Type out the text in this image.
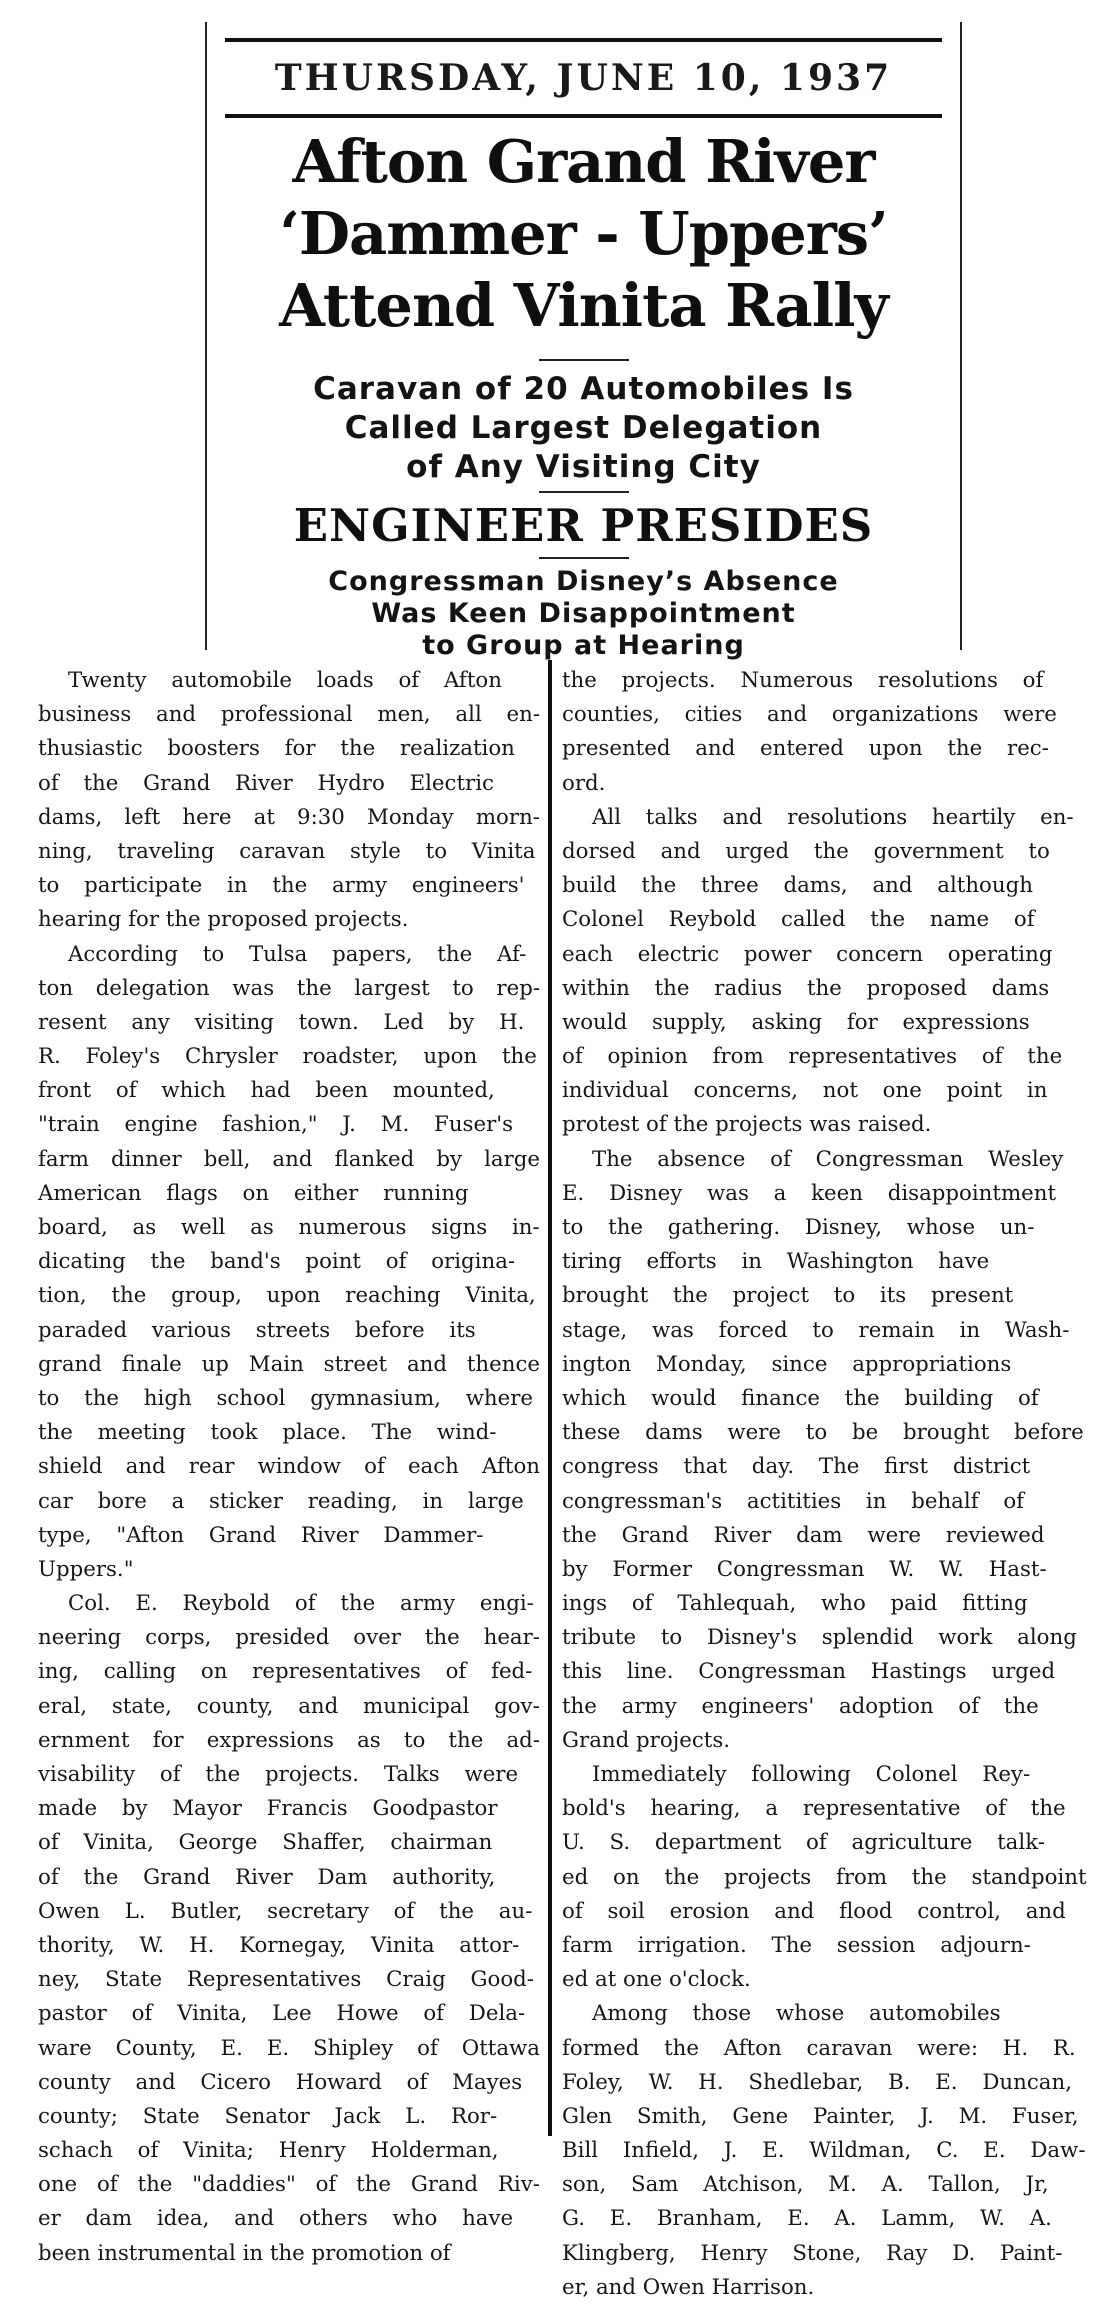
THURSDAY, JUNE 10, 1937
Afton Grand River
‘Dammer - Uppers’
Attend Vinita Rally
Caravan of 20 Automobiles Is
Called Largest Delegation
of Any Visiting City
ENGINEER PRESIDES
Congressman Disney’s Absence
Was Keen Disappointment
to Group at Hearing
Twenty automobile loads of Afton
business and professional men, all en-
thusiastic boosters for the realization
of the Grand River Hydro Electric
dams, left here at 9:30 Monday morn-
ning, traveling caravan style to Vinita
to participate in the army engineers'
hearing for the proposed projects.
According to Tulsa papers, the Af-
ton delegation was the largest to rep-
resent any visiting town. Led by H.
R. Foley's Chrysler roadster, upon the
front of which had been mounted,
"train engine fashion," J. M. Fuser's
farm dinner bell, and flanked by large
American flags on either running
board, as well as numerous signs in-
dicating the band's point of origina-
tion, the group, upon reaching Vinita,
paraded various streets before its
grand finale up Main street and thence
to the high school gymnasium, where
the meeting took place. The wind-
shield and rear window of each Afton
car bore a sticker reading, in large
type, "Afton Grand River Dammer-
Uppers."
Col. E. Reybold of the army engi-
neering corps, presided over the hear-
ing, calling on representatives of fed-
eral, state, county, and municipal gov-
ernment for expressions as to the ad-
visability of the projects. Talks were
made by Mayor Francis Goodpastor
of Vinita, George Shaffer, chairman
of the Grand River Dam authority,
Owen L. Butler, secretary of the au-
thority, W. H. Kornegay, Vinita attor-
ney, State Representatives Craig Good-
pastor of Vinita, Lee Howe of Dela-
ware County, E. E. Shipley of Ottawa
county and Cicero Howard of Mayes
county; State Senator Jack L. Ror-
schach of Vinita; Henry Holderman,
one of the "daddies" of the Grand Riv-
er dam idea, and others who have
been instrumental in the promotion of
the projects. Numerous resolutions of
counties, cities and organizations were
presented and entered upon the rec-
ord.
All talks and resolutions heartily en-
dorsed and urged the government to
build the three dams, and although
Colonel Reybold called the name of
each electric power concern operating
within the radius the proposed dams
would supply, asking for expressions
of opinion from representatives of the
individual concerns, not one point in
protest of the projects was raised.
The absence of Congressman Wesley
E. Disney was a keen disappointment
to the gathering. Disney, whose un-
tiring efforts in Washington have
brought the project to its present
stage, was forced to remain in Wash-
ington Monday, since appropriations
which would finance the building of
these dams were to be brought before
congress that day. The first district
congressman's actitities in behalf of
the Grand River dam were reviewed
by Former Congressman W. W. Hast-
ings of Tahlequah, who paid fitting
tribute to Disney's splendid work along
this line. Congressman Hastings urged
the army engineers' adoption of the
Grand projects.
Immediately following Colonel Rey-
bold's hearing, a representative of the
U. S. department of agriculture talk-
ed on the projects from the standpoint
of soil erosion and flood control, and
farm irrigation. The session adjourn-
ed at one o'clock.
Among those whose automobiles
formed the Afton caravan were: H. R.
Foley, W. H. Shedlebar, B. E. Duncan,
Glen Smith, Gene Painter, J. M. Fuser,
Bill Infield, J. E. Wildman, C. E. Daw-
son, Sam Atchison, M. A. Tallon, Jr,
G. E. Branham, E. A. Lamm, W. A.
Klingberg, Henry Stone, Ray D. Paint-
er, and Owen Harrison.
